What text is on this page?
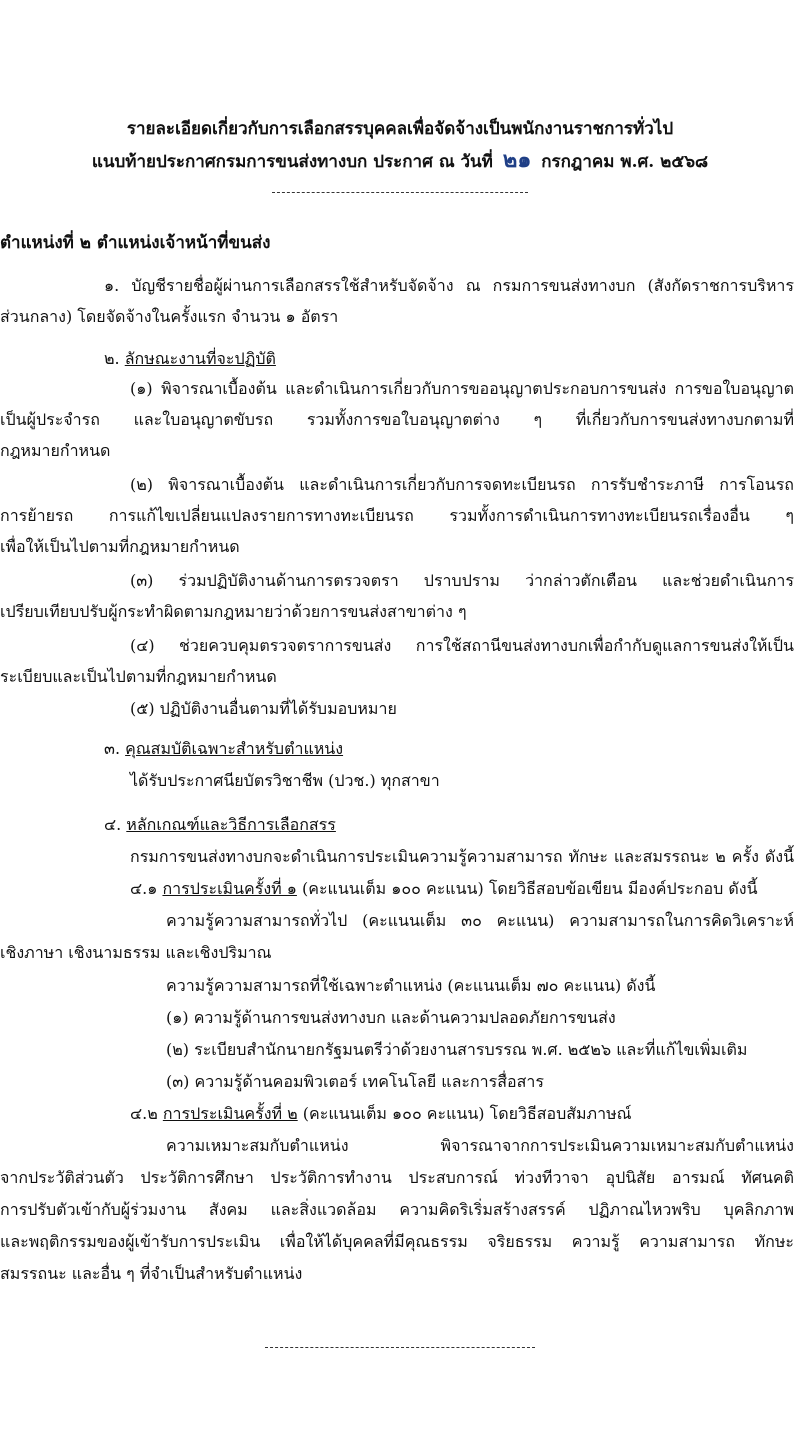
รายละเอียดเกี่ยวกับการเลือกสรรบุคคลเพื่อจัดจ้างเป็นพนักงานราชการทั่วไป
แนบท้ายประกาศกรมการขนส่งทางบก ประกาศ ณ วันที่ ๒๑ กรกฎาคม พ.ศ. ๒๕๖๘
ตำแหน่งที่ ๒ ตำแหน่งเจ้าหน้าที่ขนส่ง
๑. บัญชีรายชื่อผู้ผ่านการเลือกสรรใช้สำหรับจัดจ้าง ณ กรมการขนส่งทางบก (สังกัดราชการบริหาร
ส่วนกลาง) โดยจัดจ้างในครั้งแรก จำนวน ๑ อัตรา
๒. ลักษณะงานที่จะปฏิบัติ
(๑) พิจารณาเบื้องต้น และดำเนินการเกี่ยวกับการขออนุญาตประกอบการขนส่ง การขอใบอนุญาต
เป็นผู้ประจำรถ และใบอนุญาตขับรถ รวมทั้งการขอใบอนุญาตต่าง ๆ ที่เกี่ยวกับการขนส่งทางบกตามที่
กฎหมายกำหนด
(๒) พิจารณาเบื้องต้น และดำเนินการเกี่ยวกับการจดทะเบียนรถ การรับชำระภาษี การโอนรถ
การย้ายรถ การแก้ไขเปลี่ยนแปลงรายการทางทะเบียนรถ รวมทั้งการดำเนินการทางทะเบียนรถเรื่องอื่น ๆ
เพื่อให้เป็นไปตามที่กฎหมายกำหนด
(๓) ร่วมปฏิบัติงานด้านการตรวจตรา ปราบปราม ว่ากล่าวตักเตือน และช่วยดำเนินการ
เปรียบเทียบปรับผู้กระทำผิดตามกฎหมายว่าด้วยการขนส่งสาขาต่าง ๆ
(๔) ช่วยควบคุมตรวจตราการขนส่ง การใช้สถานีขนส่งทางบกเพื่อกำกับดูแลการขนส่งให้เป็น
ระเบียบและเป็นไปตามที่กฎหมายกำหนด
(๕) ปฏิบัติงานอื่นตามที่ได้รับมอบหมาย
๓. คุณสมบัติเฉพาะสำหรับตำแหน่ง
ได้รับประกาศนียบัตรวิชาชีพ (ปวช.) ทุกสาขา
๔. หลักเกณฑ์และวิธีการเลือกสรร
กรมการขนส่งทางบกจะดำเนินการประเมินความรู้ความสามารถ ทักษะ และสมรรถนะ ๒ ครั้ง ดังนี้
๔.๑ การประเมินครั้งที่ ๑ (คะแนนเต็ม ๑๐๐ คะแนน) โดยวิธีสอบข้อเขียน มีองค์ประกอบ ดังนี้
ความรู้ความสามารถทั่วไป (คะแนนเต็ม ๓๐ คะแนน) ความสามารถในการคิดวิเคราะห์
เชิงภาษา เชิงนามธรรม และเชิงปริมาณ
ความรู้ความสามารถที่ใช้เฉพาะตำแหน่ง (คะแนนเต็ม ๗๐ คะแนน) ดังนี้
(๑) ความรู้ด้านการขนส่งทางบก และด้านความปลอดภัยการขนส่ง
(๒) ระเบียบสำนักนายกรัฐมนตรีว่าด้วยงานสารบรรณ พ.ศ. ๒๕๒๖ และที่แก้ไขเพิ่มเติม
(๓) ความรู้ด้านคอมพิวเตอร์ เทคโนโลยี และการสื่อสาร
๔.๒ การประเมินครั้งที่ ๒ (คะแนนเต็ม ๑๐๐ คะแนน) โดยวิธีสอบสัมภาษณ์
ความเหมาะสมกับตำแหน่ง พิจารณาจากการประเมินความเหมาะสมกับตำแหน่ง
จากประวัติส่วนตัว ประวัติการศึกษา ประวัติการทำงาน ประสบการณ์ ท่วงทีวาจา อุปนิสัย อารมณ์ ทัศนคติ
การปรับตัวเข้ากับผู้ร่วมงาน สังคม และสิ่งแวดล้อม ความคิดริเริ่มสร้างสรรค์ ปฏิภาณไหวพริบ บุคลิกภาพ
และพฤติกรรมของผู้เข้ารับการประเมิน เพื่อให้ได้บุคคลที่มีคุณธรรม จริยธรรม ความรู้ ความสามารถ ทักษะ
สมรรถนะ และอื่น ๆ ที่จำเป็นสำหรับตำแหน่ง
